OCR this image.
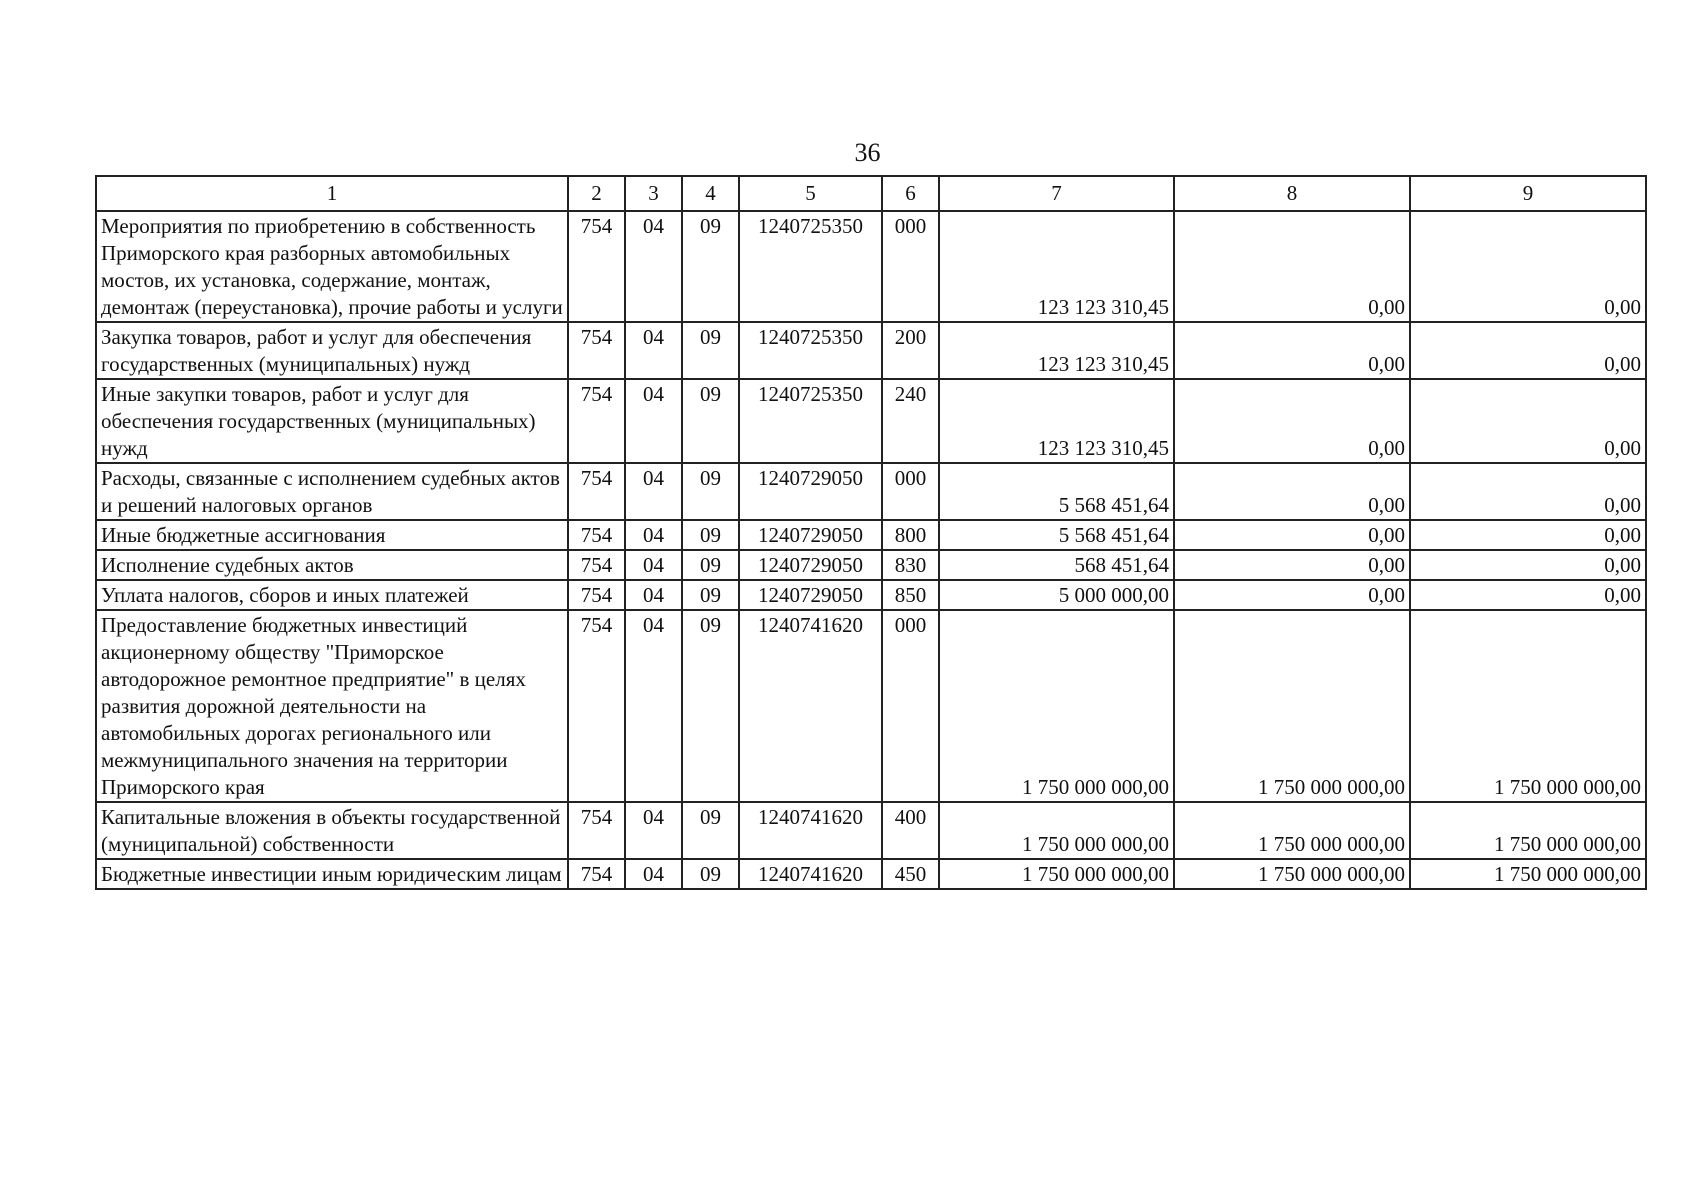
36
1	2	3	4	5	6	7	8	9
Мероприятия по приобретению в собственность Приморского края разборных автомобильных мостов, их установка, содержание, монтаж, демонтаж (переустановка), прочие работы и услуги	754	04	09	1240725350	000	123 123 310,45	0,00	0,00
Закупка товаров, работ и услуг для обеспечения государственных (муниципальных) нужд	754	04	09	1240725350	200	123 123 310,45	0,00	0,00
Иные закупки товаров, работ и услуг для обеспечения государственных (муниципальных) нужд	754	04	09	1240725350	240	123 123 310,45	0,00	0,00
Расходы, связанные с исполнением судебных актов и решений налоговых органов	754	04	09	1240729050	000	5 568 451,64	0,00	0,00
Иные бюджетные ассигнования	754	04	09	1240729050	800	5 568 451,64	0,00	0,00
Исполнение судебных актов	754	04	09	1240729050	830	568 451,64	0,00	0,00
Уплата налогов, сборов и иных платежей	754	04	09	1240729050	850	5 000 000,00	0,00	0,00
Предоставление бюджетных инвестиций акционерному обществу "Приморское автодорожное ремонтное предприятие" в целях развития дорожной деятельности на автомобильных дорогах регионального или межмуниципального значения на территории Приморского края	754	04	09	1240741620	000	1 750 000 000,00	1 750 000 000,00	1 750 000 000,00
Капитальные вложения в объекты государственной (муниципальной) собственности	754	04	09	1240741620	400	1 750 000 000,00	1 750 000 000,00	1 750 000 000,00
Бюджетные инвестиции иным юридическим лицам	754	04	09	1240741620	450	1 750 000 000,00	1 750 000 000,00	1 750 000 000,00
